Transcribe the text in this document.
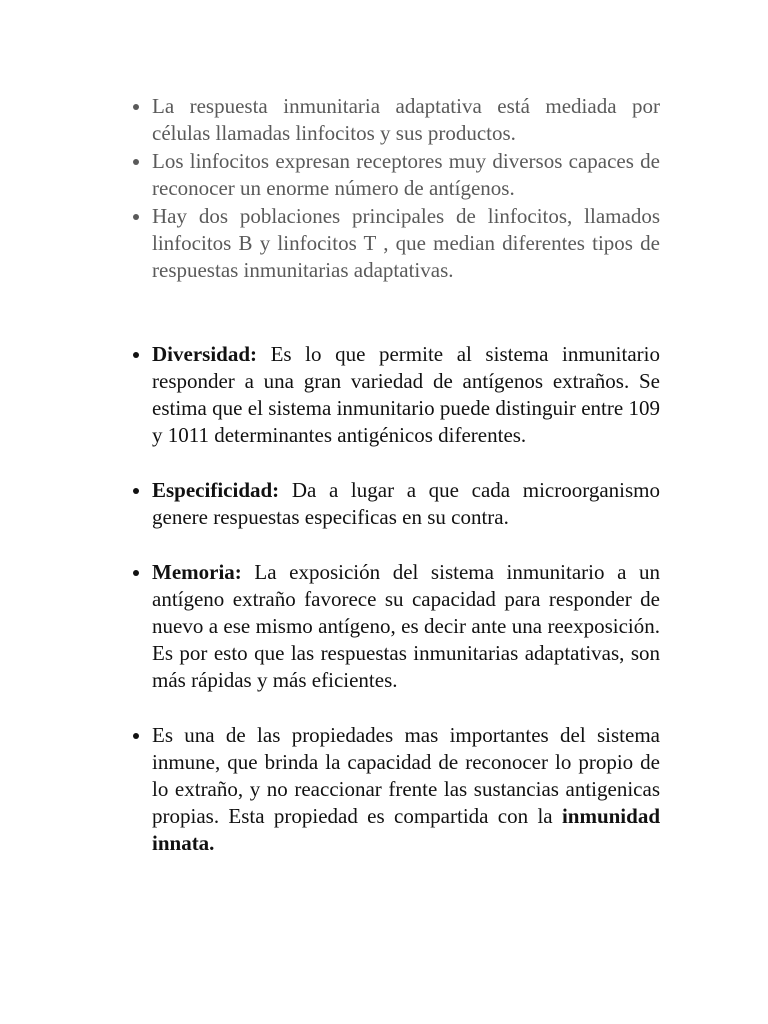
La respuesta inmunitaria adaptativa está mediada por células llamadas linfocitos y sus productos.
Los linfocitos expresan receptores muy diversos capaces de reconocer un enorme número de antígenos.
Hay dos poblaciones principales de linfocitos, llamados linfocitos B y linfocitos T , que median diferentes tipos de respuestas inmunitarias adaptativas.
Diversidad: Es lo que permite al sistema inmunitario responder a una gran variedad de antígenos extraños. Se estima que el sistema inmunitario puede distinguir entre 109 y 1011 determinantes antigénicos diferentes.
Especificidad: Da a lugar a que cada microorganismo genere respuestas especificas en su contra.
Memoria: La exposición del sistema inmunitario a un antígeno extraño favorece su capacidad para responder de nuevo a ese mismo antígeno, es decir ante una reexposición. Es por esto que las respuestas inmunitarias adaptativas, son más rápidas y más eficientes.
Es una de las propiedades mas importantes del sistema inmune, que brinda la capacidad de reconocer lo propio de lo extraño, y no reaccionar frente las sustancias antigenicas propias. Esta propiedad es compartida con la inmunidad innata.
